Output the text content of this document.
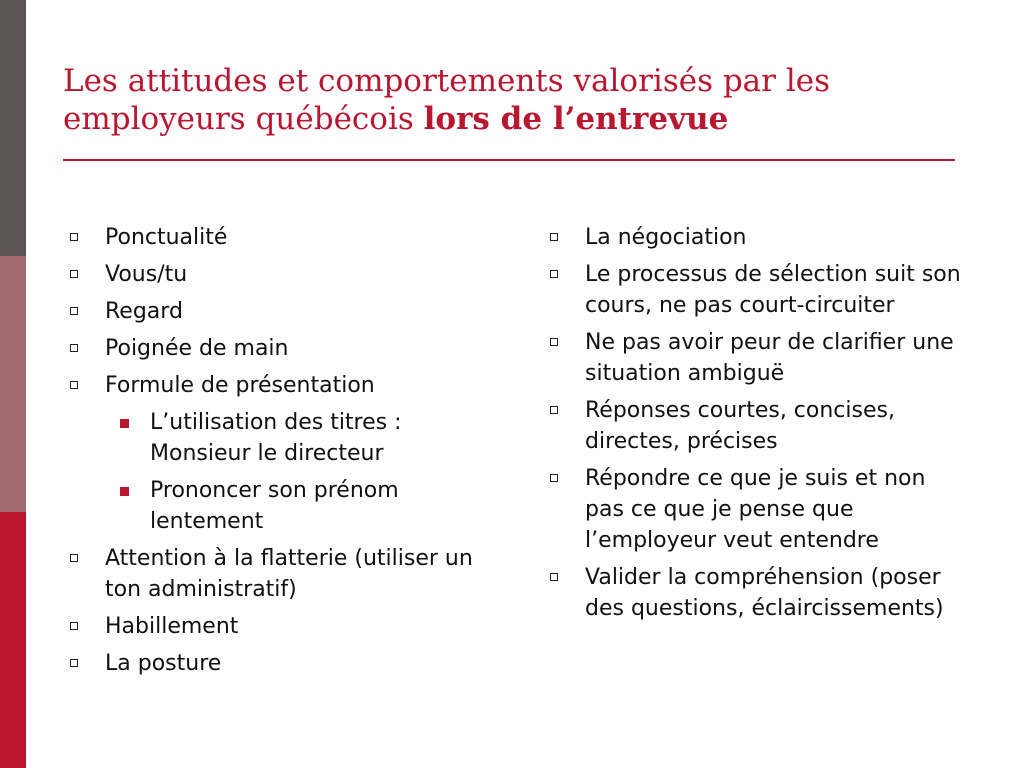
Les attitudes et comportements valorisés par les employeurs québécois lors de l’entrevue
Ponctualité
Vous/tu
Regard
Poignée de main
Formule de présentation
L’utilisation des titres : Monsieur le directeur
Prononcer son prénom lentement
Attention à la flatterie (utiliser un ton administratif)
Habillement
La posture
La négociation
Le processus de sélection suit son cours, ne pas court-circuiter
Ne pas avoir peur de clarifier une situation ambiguë
Réponses courtes, concises, directes, précises
Répondre ce que je suis et non pas ce que je pense que l’employeur veut entendre
Valider la compréhension (poser des questions, éclaircissements)
